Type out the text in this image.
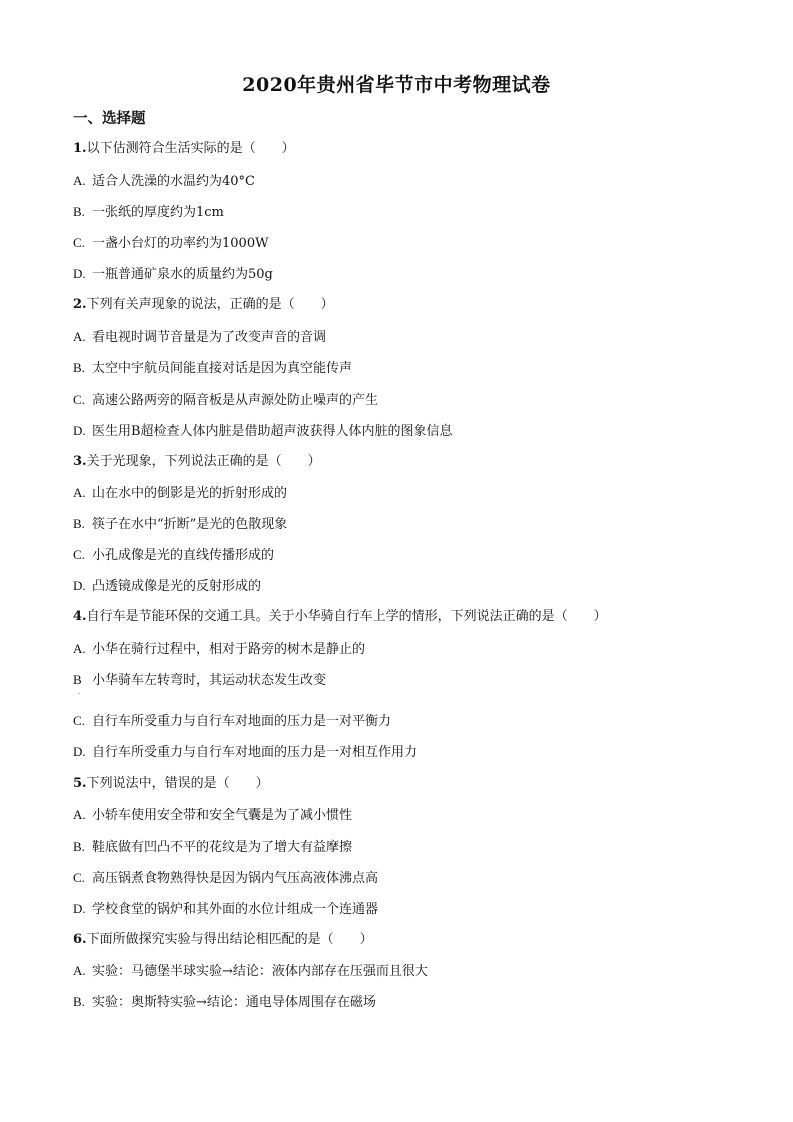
2020年贵州省毕节市中考物理试卷
一、选择题
1.以下估测符合生活实际的是（　　）
A. 适合人洗澡的水温约为40°C
B. 一张纸的厚度约为1cm
C. 一盏小台灯的功率约为1000W
D. 一瓶普通矿泉水的质量约为50g
2.下列有关声现象的说法，正确的是（　　）
A. 看电视时调节音量是为了改变声音的音调
B. 太空中宇航员间能直接对话是因为真空能传声
C. 高速公路两旁的隔音板是从声源处防止噪声的产生
D. 医生用B超检查人体内脏是借助超声波获得人体内脏的图象信息
3.关于光现象，下列说法正确的是（　　）
A. 山在水中的倒影是光的折射形成的
B. 筷子在水中“折断”是光的色散现象
C. 小孔成像是光的直线传播形成的
D. 凸透镜成像是光的反射形成的
4.自行车是节能环保的交通工具。关于小华骑自行车上学的情形，下列说法正确的是（　　）
A. 小华在骑行过程中，相对于路旁的树木是静止的
B 小华骑车左转弯时，其运动状态发生改变
.
C. 自行车所受重力与自行车对地面的压力是一对平衡力
D. 自行车所受重力与自行车对地面的压力是一对相互作用力
5.下列说法中，错误的是（　　）
A. 小轿车使用安全带和安全气囊是为了减小惯性
B. 鞋底做有凹凸不平的花纹是为了增大有益摩擦
C. 高压锅煮食物熟得快是因为锅内气压高液体沸点高
D. 学校食堂的锅炉和其外面的水位计组成一个连通器
6.下面所做探究实验与得出结论相匹配的是（　　）
A. 实验：马德堡半球实验→结论：液体内部存在压强而且很大
B. 实验：奥斯特实验→结论：通电导体周围存在磁场
